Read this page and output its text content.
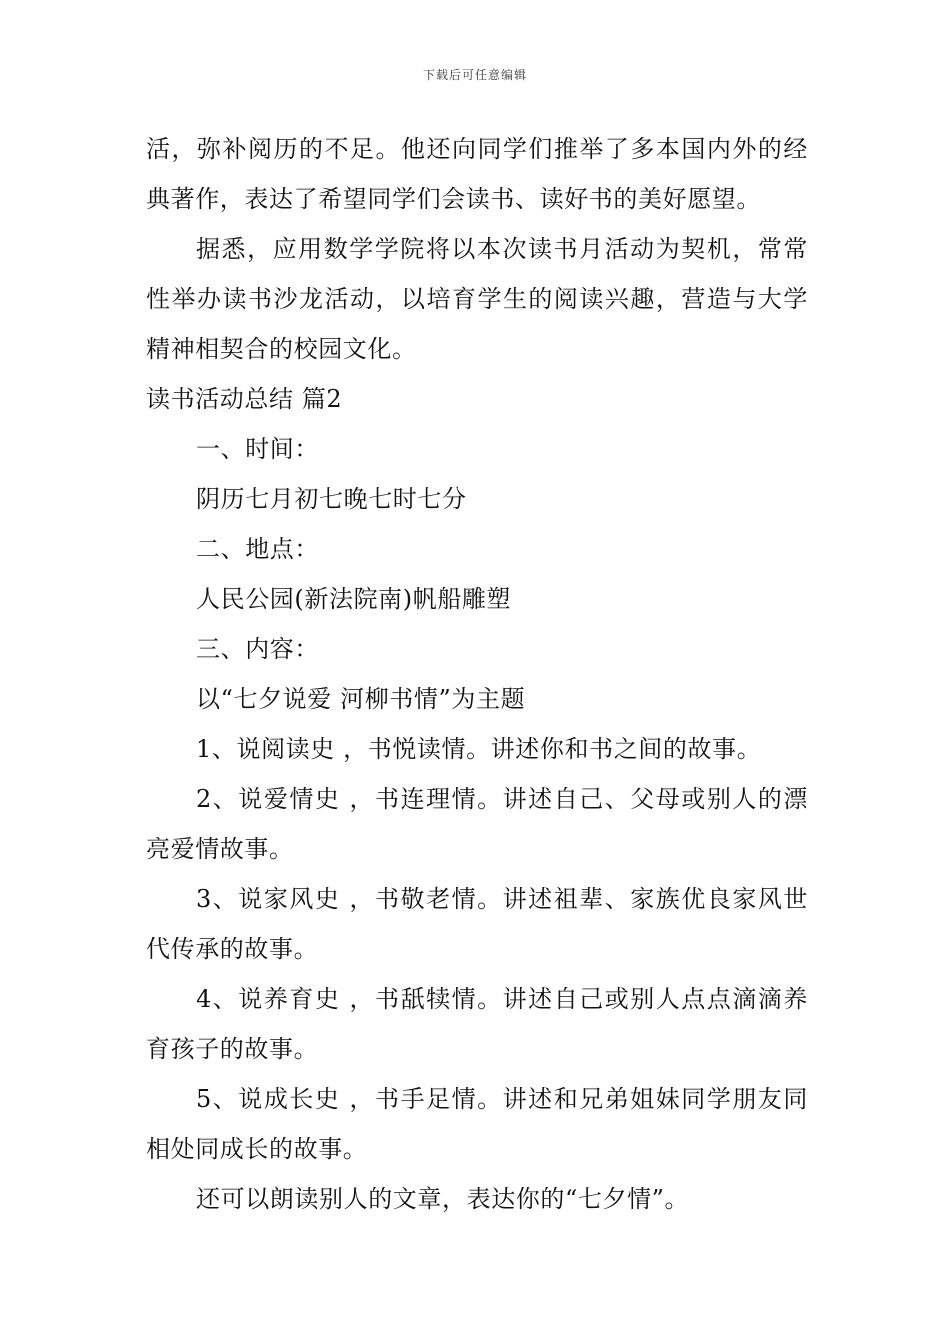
下载后可任意编辑

活，弥补阅历的不足。他还向同学们推举了多本国内外的经典著作，表达了希望同学们会读书、读好书的美好愿望。

据悉，应用数学学院将以本次读书月活动为契机，常常性举办读书沙龙活动，以培育学生的阅读兴趣，营造与大学精神相契合的校园文化。

读书活动总结 篇2

一、时间：

阴历七月初七晚七时七分

二、地点：

人民公园(新法院南)帆船雕塑

三、内容：

以“七夕说爱 河柳书情”为主题

1、说阅读史 ，书悦读情。讲述你和书之间的故事。

2、说爱情史 ，书连理情。讲述自己、父母或别人的漂亮爱情故事。

3、说家风史 ，书敬老情。讲述祖辈、家族优良家风世代传承的故事。

4、说养育史 ，书舐犊情。讲述自己或别人点点滴滴养育孩子的故事。

5、说成长史 ，书手足情。讲述和兄弟姐妹同学朋友同相处同成长的故事。

还可以朗读别人的文章，表达你的“七夕情”。
